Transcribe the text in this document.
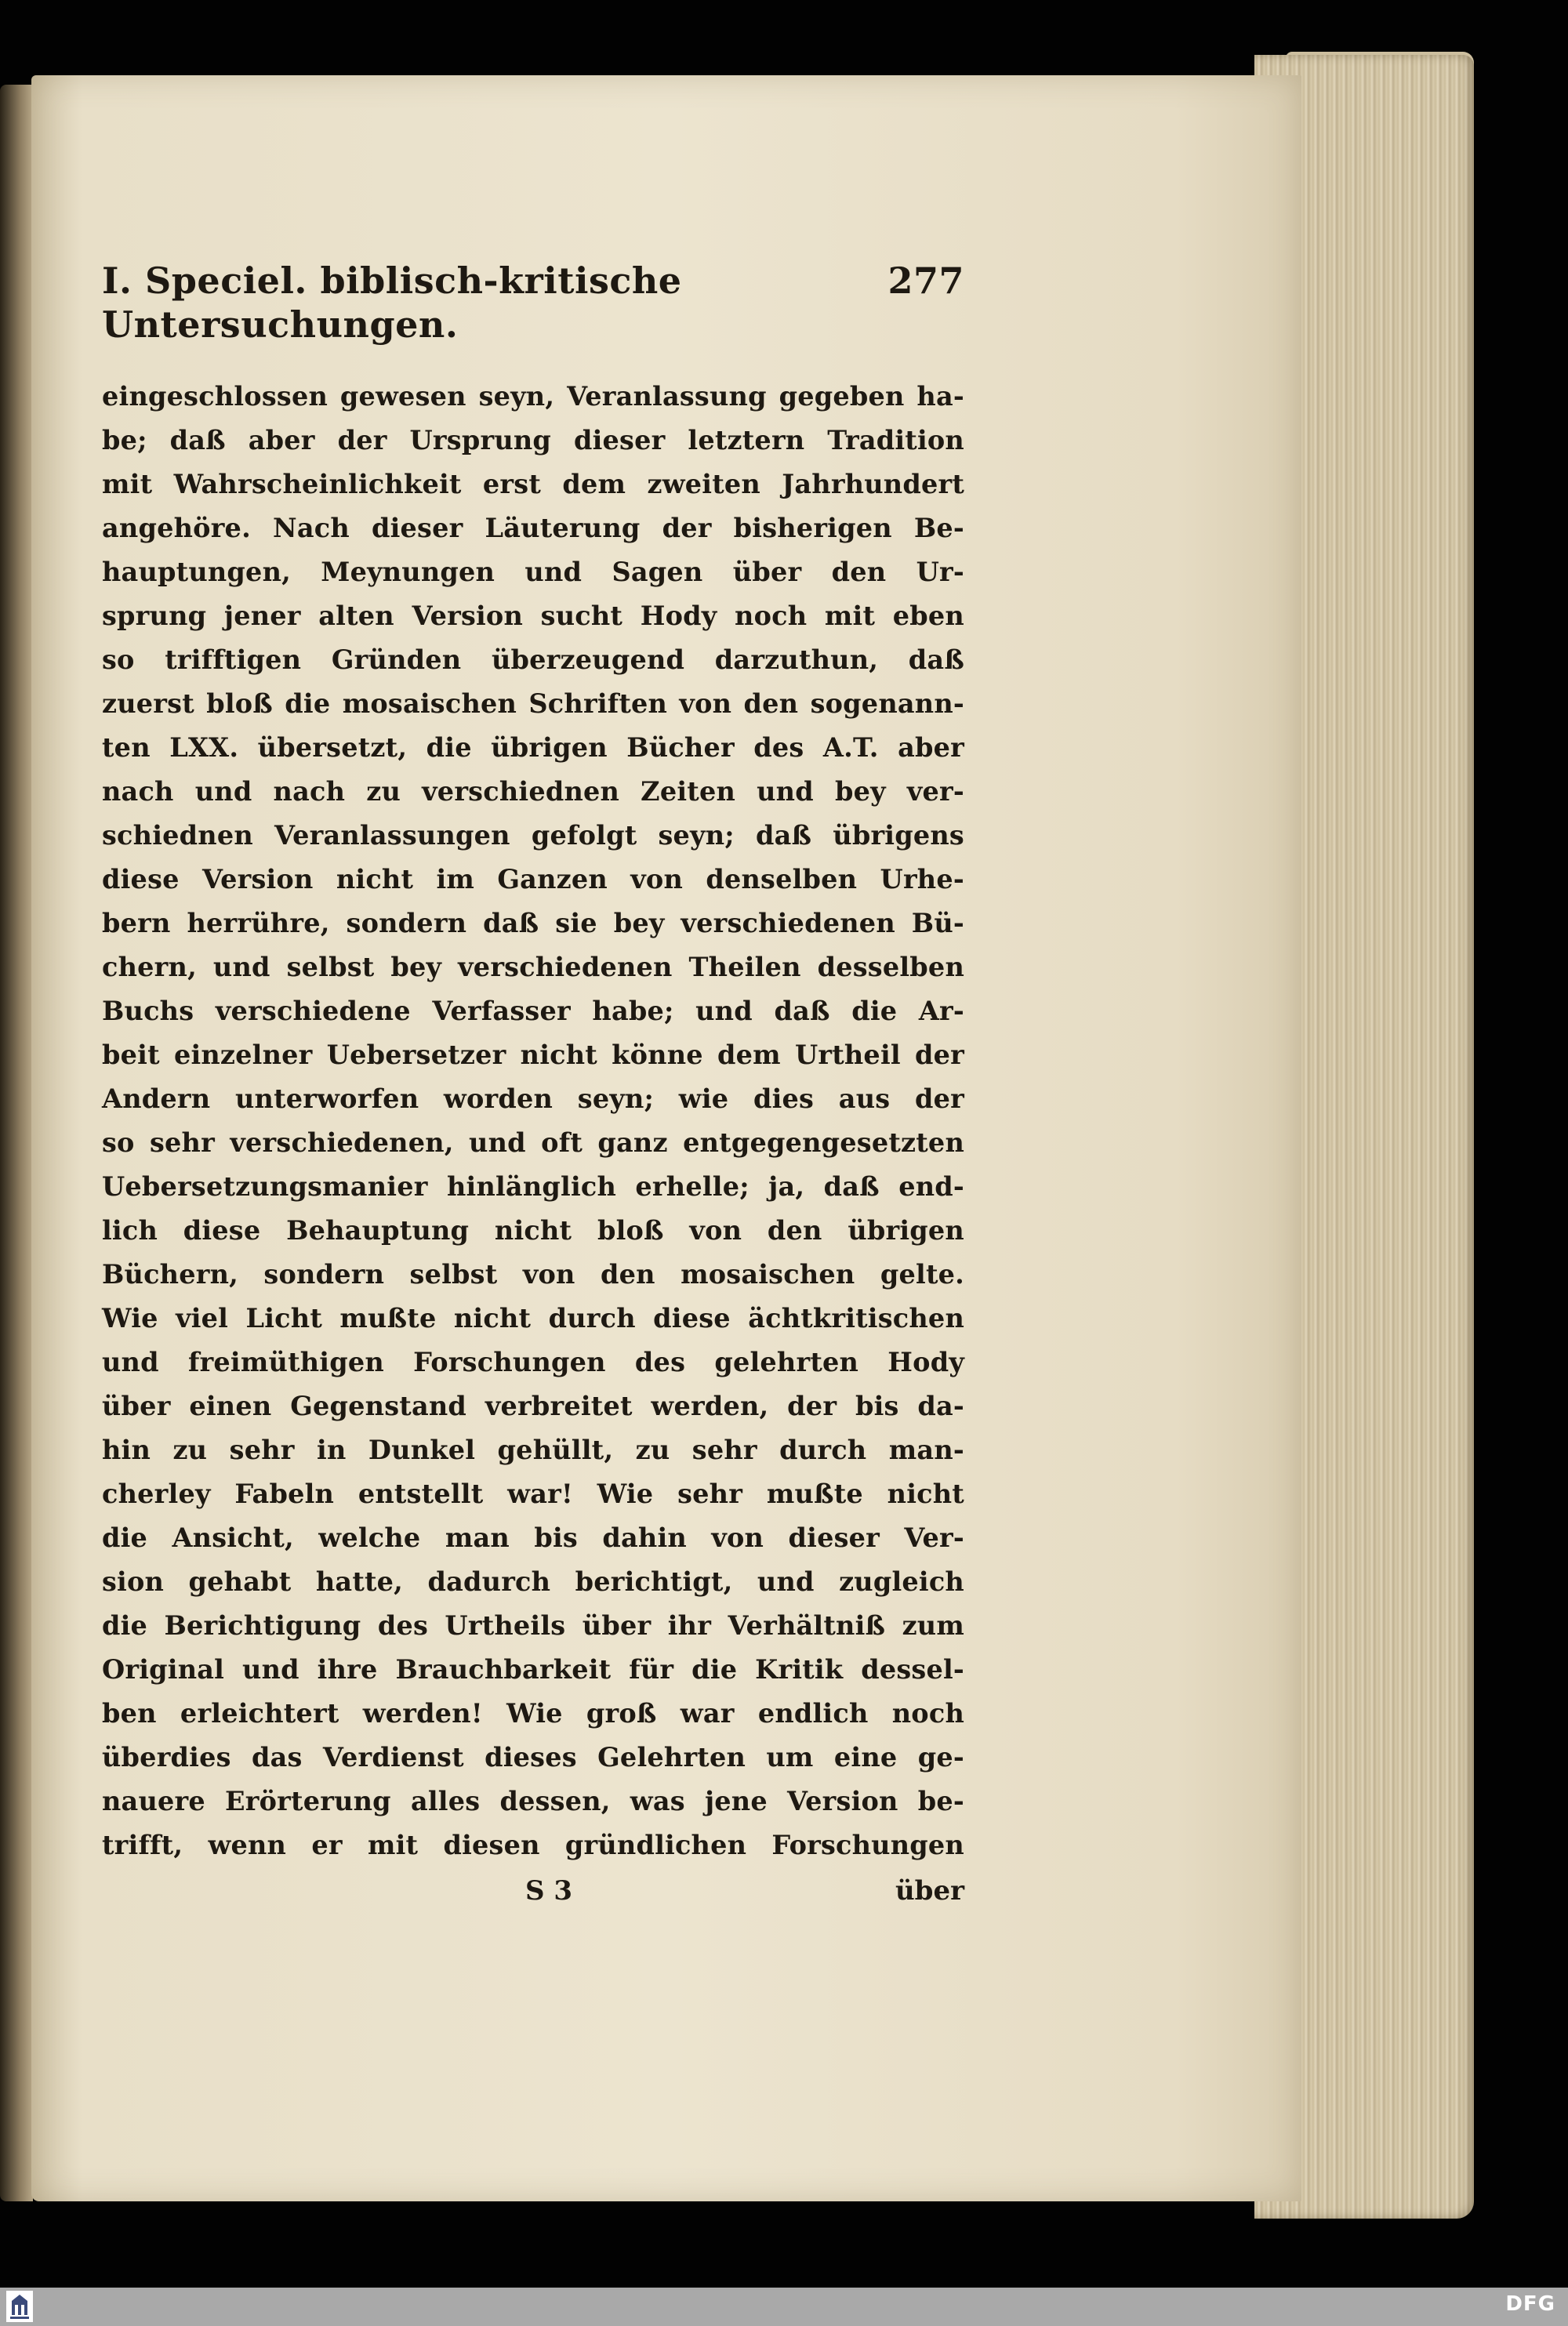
I. Speciel. biblisch-kritische Untersuchungen.
277
eingeschlossen gewesen seyn, Veranlassung gegeben ha-
be; daß aber der Ursprung dieser letztern Tradition
mit Wahrscheinlichkeit erst dem zweiten Jahrhundert
angehöre. Nach dieser Läuterung der bisherigen Be-
hauptungen, Meynungen und Sagen über den Ur-
sprung jener alten Version sucht Hody noch mit eben
so trifftigen Gründen überzeugend darzuthun, daß
zuerst bloß die mosaischen Schriften von den sogenann-
ten LXX. übersetzt, die übrigen Bücher des A.T. aber
nach und nach zu verschiednen Zeiten und bey ver-
schiednen Veranlassungen gefolgt seyn; daß übrigens
diese Version nicht im Ganzen von denselben Urhe-
bern herrühre, sondern daß sie bey verschiedenen Bü-
chern, und selbst bey verschiedenen Theilen desselben
Buchs verschiedene Verfasser habe; und daß die Ar-
beit einzelner Uebersetzer nicht könne dem Urtheil der
Andern unterworfen worden seyn; wie dies aus der
so sehr verschiedenen, und oft ganz entgegengesetzten
Uebersetzungsmanier hinlänglich erhelle; ja, daß end-
lich diese Behauptung nicht bloß von den übrigen
Büchern, sondern selbst von den mosaischen gelte.
Wie viel Licht mußte nicht durch diese ächtkritischen
und freimüthigen Forschungen des gelehrten Hody
über einen Gegenstand verbreitet werden, der bis da-
hin zu sehr in Dunkel gehüllt, zu sehr durch man-
cherley Fabeln entstellt war! Wie sehr mußte nicht
die Ansicht, welche man bis dahin von dieser Ver-
sion gehabt hatte, dadurch berichtigt, und zugleich
die Berichtigung des Urtheils über ihr Verhältniß zum
Original und ihre Brauchbarkeit für die Kritik dessel-
ben erleichtert werden! Wie groß war endlich noch
überdies das Verdienst dieses Gelehrten um eine ge-
nauere Erörterung alles dessen, was jene Version be-
trifft, wenn er mit diesen gründlichen Forschungen
S 3	über
DFG
